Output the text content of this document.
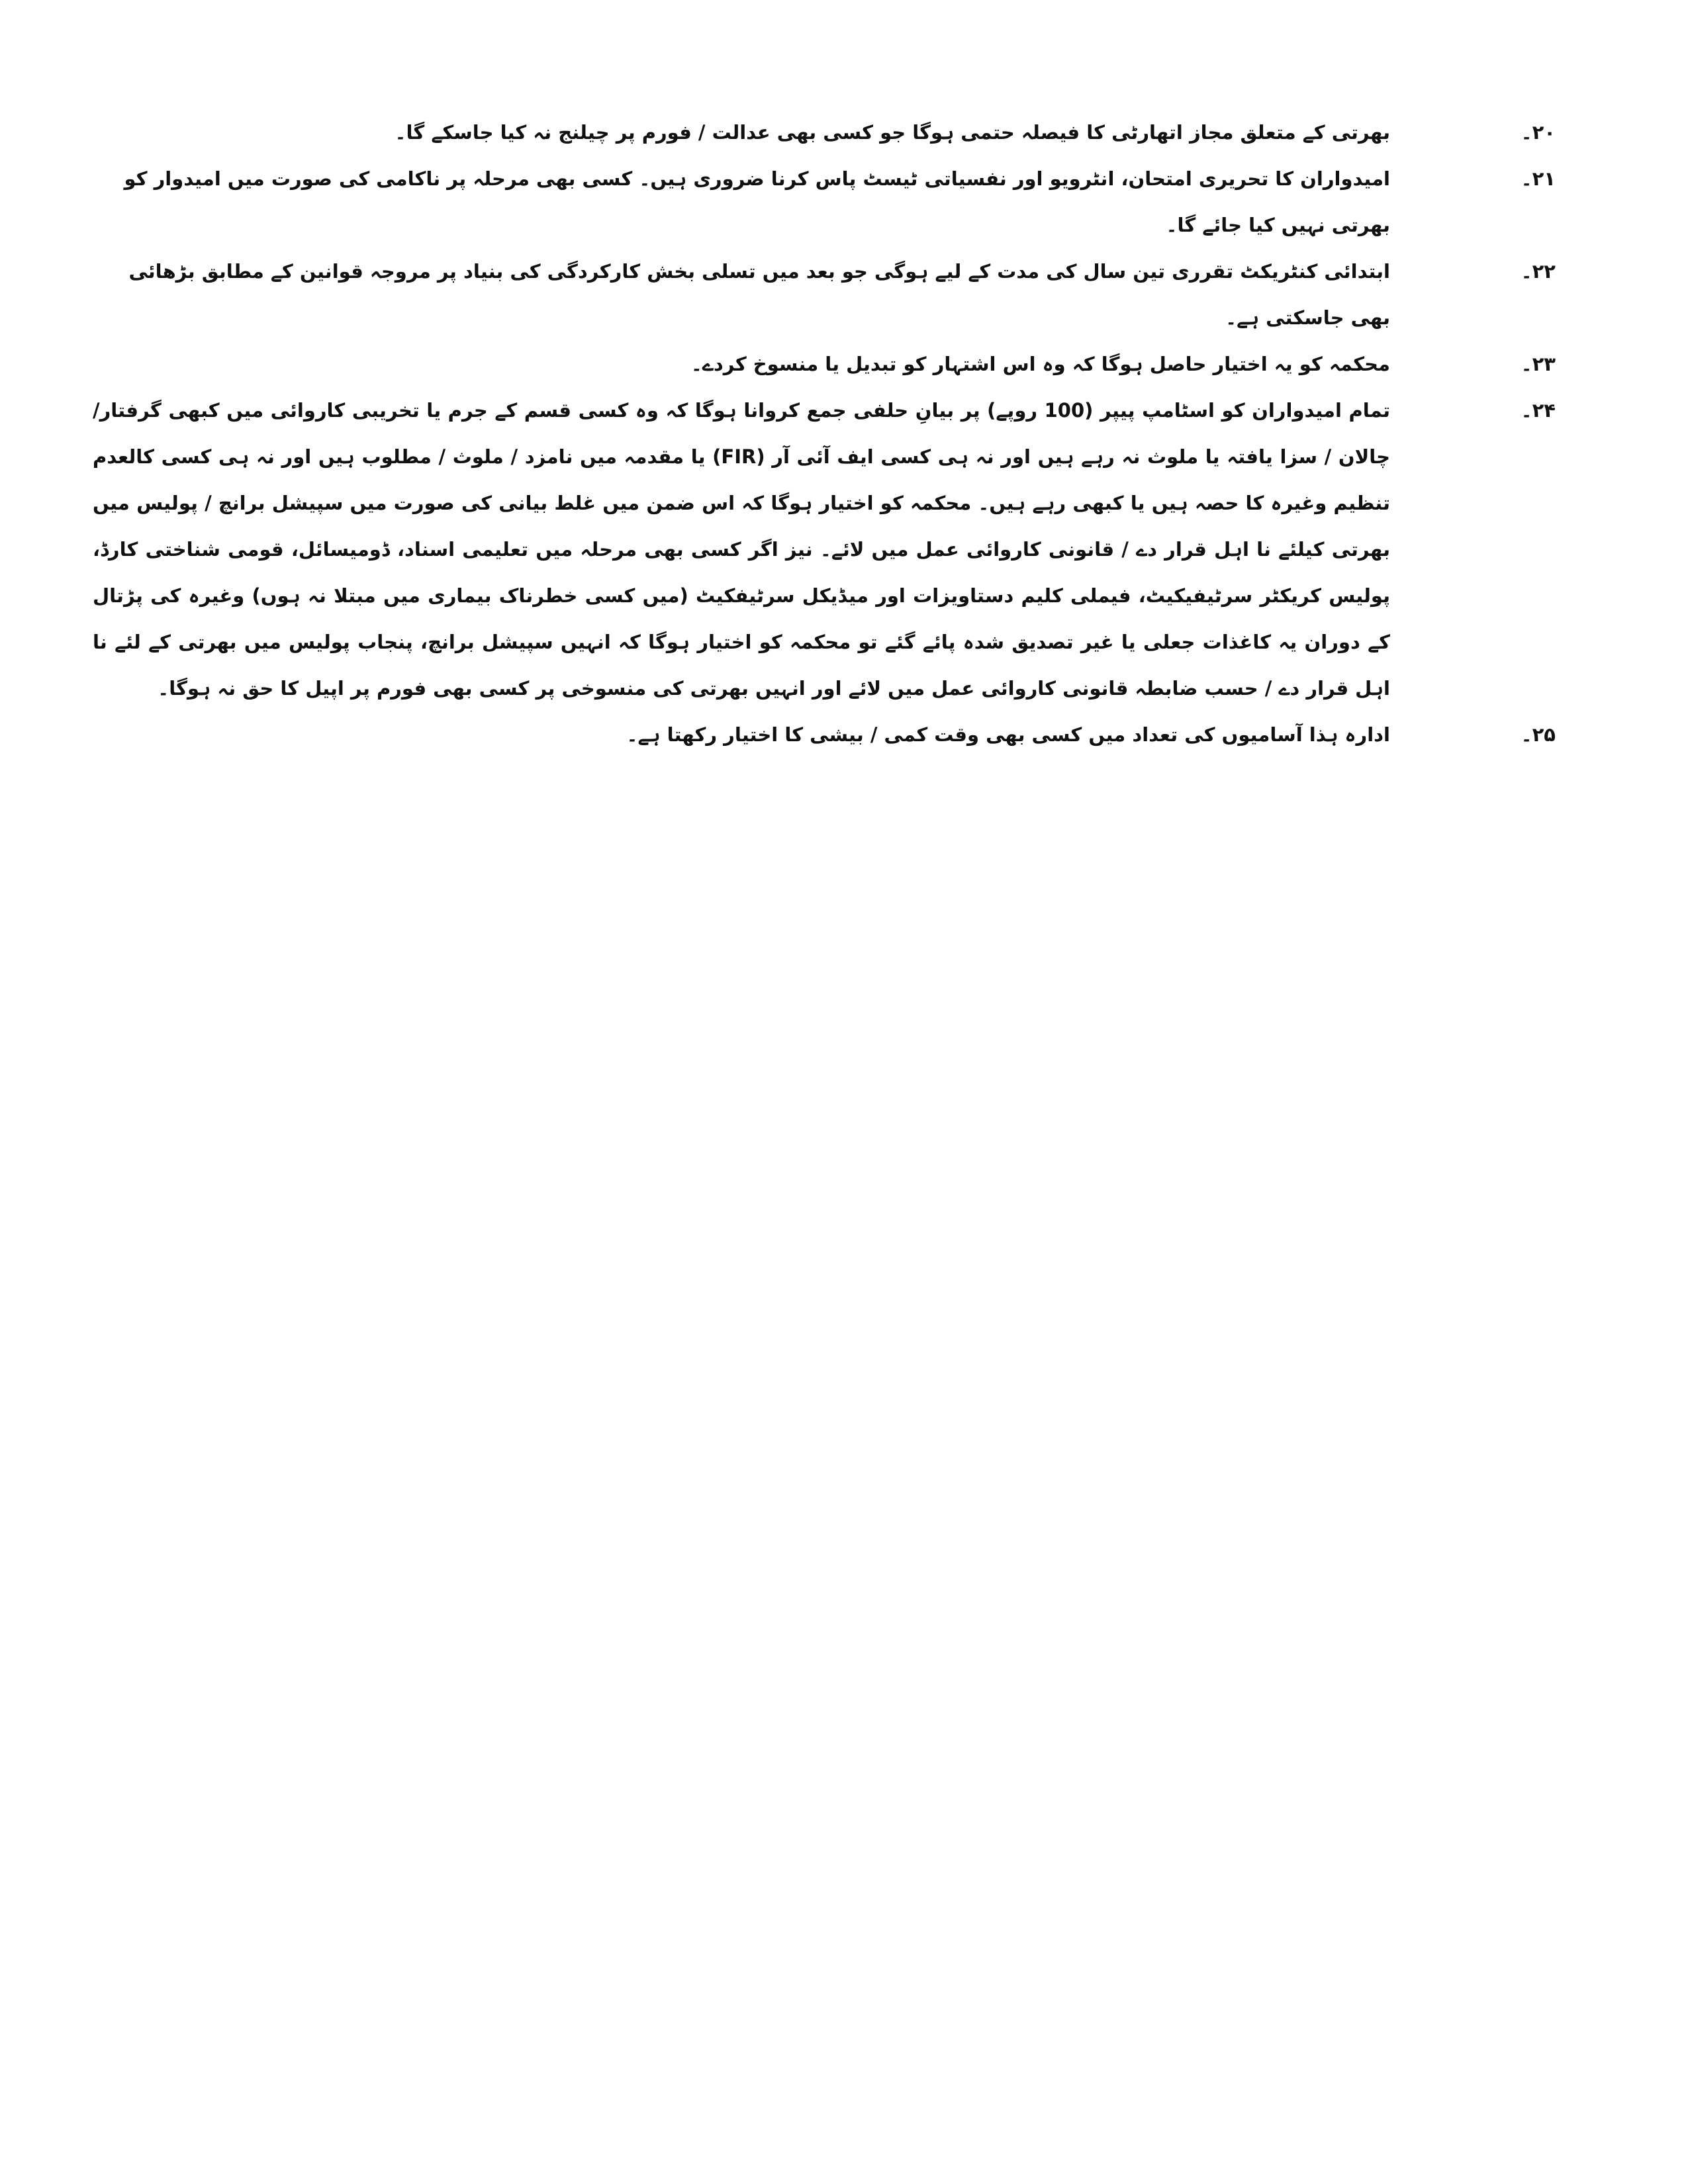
۲۰۔
بھرتی کے متعلق مجاز اتھارٹی کا فیصلہ حتمی ہوگا جو کسی بھی عدالت / فورم پر چیلنج نہ کیا جاسکے گا۔

۲۱۔
امیدواران کا تحریری امتحان، انٹرویو اور نفسیاتی ٹیسٹ پاس کرنا ضروری ہیں۔ کسی بھی مرحلہ پر ناکامی کی صورت میں امیدوار کو بھرتی نہیں کیا جائے گا۔

۲۲۔
ابتدائی کنٹریکٹ تقرری تین سال کی مدت کے لیے ہوگی جو بعد میں تسلی بخش کارکردگی کی بنیاد پر مروجہ قوانین کے مطابق بڑھائی بھی جاسکتی ہے۔

۲۳۔
محکمہ کو یہ اختیار حاصل ہوگا کہ وہ اس اشتہار کو تبدیل یا منسوخ کردے۔

۲۴۔
تمام امیدواران کو اسٹامپ پیپر (100 روپے) پر بیانِ حلفی جمع کروانا ہوگا کہ وہ کسی قسم کے جرم یا تخریبی کاروائی میں کبھی گرفتار/ چالان / سزا یافتہ یا ملوث نہ رہے ہیں اور نہ ہی کسی ایف آئی آر (FIR) یا مقدمہ میں نامزد / ملوث / مطلوب ہیں اور نہ ہی کسی کالعدم تنظیم وغیرہ کا حصہ ہیں یا کبھی رہے ہیں۔ محکمہ کو اختیار ہوگا کہ اس ضمن میں غلط بیانی کی صورت میں سپیشل برانچ / پولیس میں بھرتی کیلئے نا اہل قرار دے / قانونی کاروائی عمل میں لائے۔ نیز اگر کسی بھی مرحلہ میں تعلیمی اسناد، ڈومیسائل، قومی شناختی کارڈ، پولیس کریکٹر سرٹیفیکیٹ، فیملی کلیم دستاویزات اور میڈیکل سرٹیفکیٹ (میں کسی خطرناک بیماری میں مبتلا نہ ہوں) وغیرہ کی پڑتال کے دوران یہ کاغذات جعلی یا غیر تصدیق شدہ پائے گئے تو محکمہ کو اختیار ہوگا کہ انہیں سپیشل برانچ، پنجاب پولیس میں بھرتی کے لئے نا اہل قرار دے / حسب ضابطہ قانونی کاروائی عمل میں لائے اور انہیں بھرتی کی منسوخی پر کسی بھی فورم پر اپیل کا حق نہ ہوگا۔

۲۵۔
ادارہ ہذا آسامیوں کی تعداد میں کسی بھی وقت کمی / بیشی کا اختیار رکھتا ہے۔
